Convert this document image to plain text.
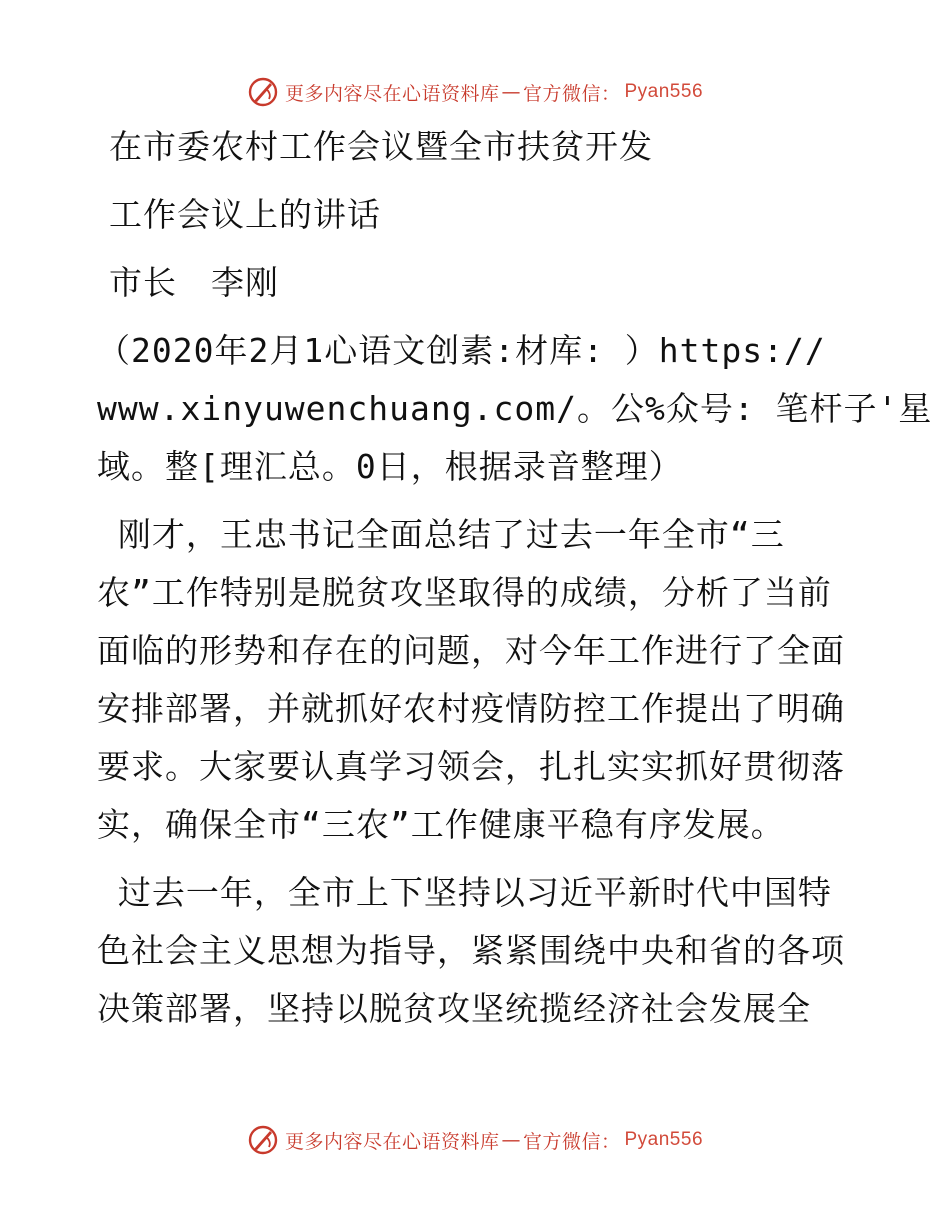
更多内容尽在心语资料库 — 官方微信： Pyan556
在市委农村工作会议暨全市扶贫开发
工作会议上的讲话
市长　李刚
（2020年2月1心语文创素:材库: ）https://
www.xinyuwenchuang.com/。公%众号: 笔杆子'星
域。整[理汇总。0日，根据录音整理）
刚才，王忠书记全面总结了过去一年全市“三
农”工作特别是脱贫攻坚取得的成绩，分析了当前
面临的形势和存在的问题，对今年工作进行了全面
安排部署，并就抓好农村疫情防控工作提出了明确
要求。大家要认真学习领会，扎扎实实抓好贯彻落
实，确保全市“三农”工作健康平稳有序发展。
过去一年，全市上下坚持以习近平新时代中国特
色社会主义思想为指导，紧紧围绕中央和省的各项
决策部署，坚持以脱贫攻坚统揽经济社会发展全
更多内容尽在心语资料库 — 官方微信： Pyan556
